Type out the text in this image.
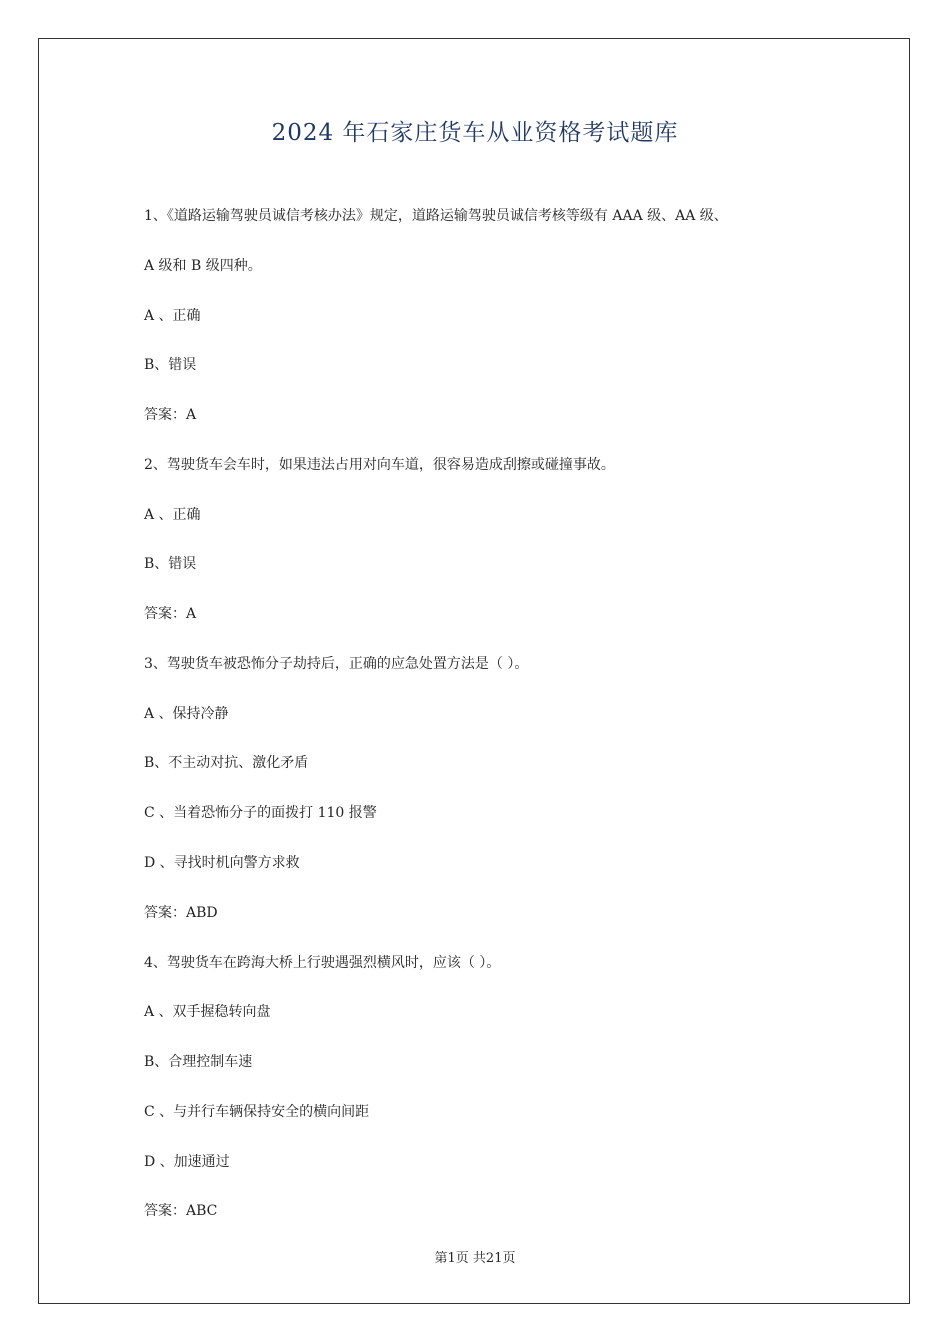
2024 年石家庄货车从业资格考试题库
1、《道路运输驾驶员诚信考核办法》规定，道路运输驾驶员诚信考核等级有 AAA 级、AA 级、
A 级和 B 级四种。
A 、正确
B、错误
答案：A
2、驾驶货车会车时，如果违法占用对向车道，很容易造成刮擦或碰撞事故。
A 、正确
B、错误
答案：A
3、驾驶货车被恐怖分子劫持后，正确的应急处置方法是（ ）。
A 、保持冷静
B、不主动对抗、激化矛盾
C 、当着恐怖分子的面拨打 110 报警
D 、寻找时机向警方求救
答案：ABD
4、驾驶货车在跨海大桥上行驶遇强烈横风时，应该（ ）。
A 、双手握稳转向盘
B、合理控制车速
C 、与并行车辆保持安全的横向间距
D 、加速通过
答案：ABC
第1页 共21页
